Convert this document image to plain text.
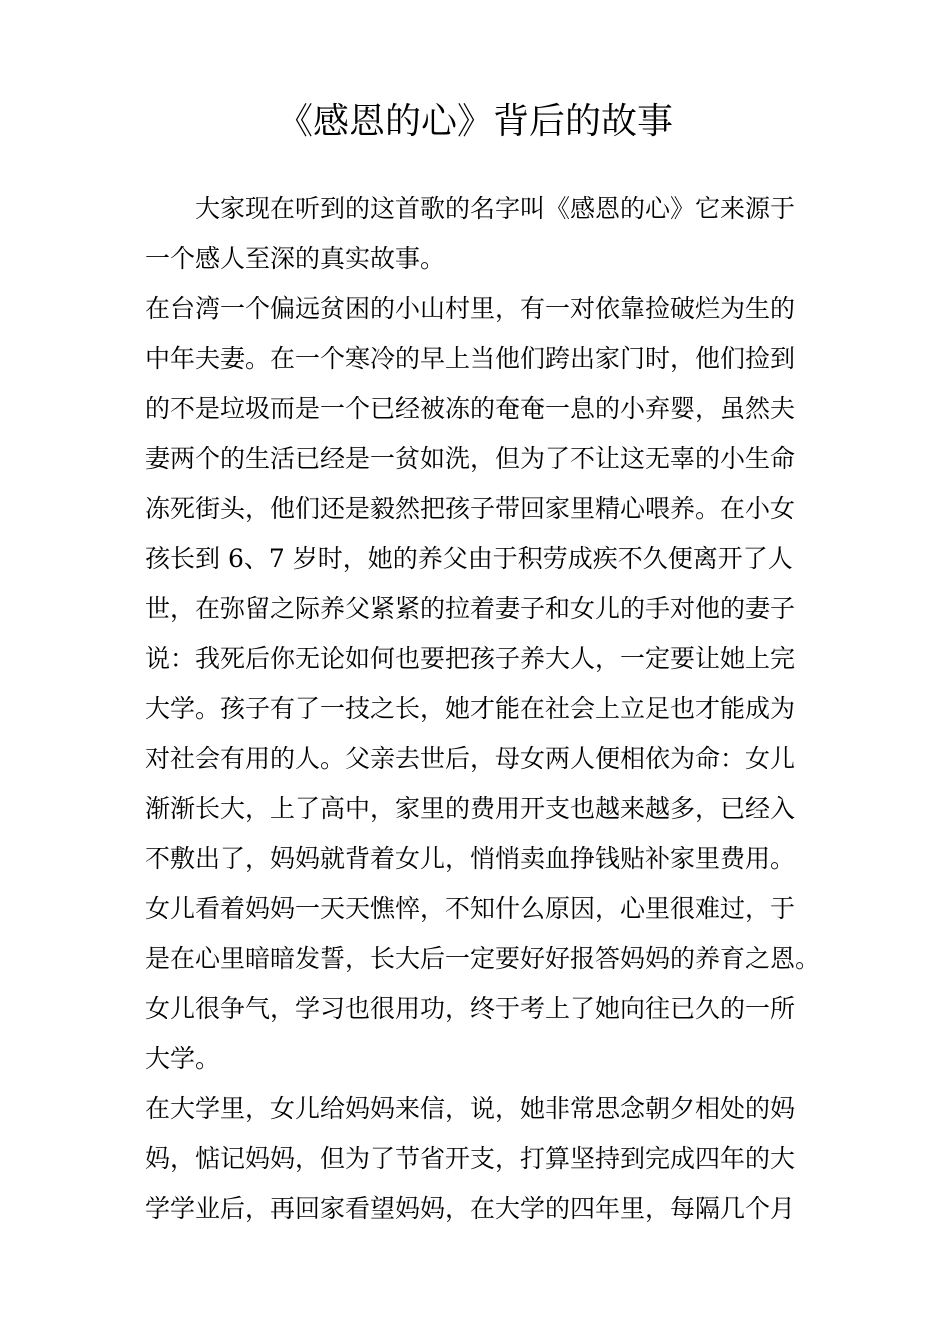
《感恩的心》背后的故事
大家现在听到的这首歌的名字叫《感恩的心》它来源于
一个感人至深的真实故事。
在台湾一个偏远贫困的小山村里，有一对依靠捡破烂为生的
中年夫妻。在一个寒冷的早上当他们跨出家门时，他们捡到
的不是垃圾而是一个已经被冻的奄奄一息的小弃婴，虽然夫
妻两个的生活已经是一贫如洗，但为了不让这无辜的小生命
冻死街头，他们还是毅然把孩子带回家里精心喂养。在小女
孩长到 6、7 岁时，她的养父由于积劳成疾不久便离开了人
世，在弥留之际养父紧紧的拉着妻子和女儿的手对他的妻子
说：我死后你无论如何也要把孩子养大人，一定要让她上完
大学。孩子有了一技之长，她才能在社会上立足也才能成为
对社会有用的人。父亲去世后，母女两人便相依为命：女儿
渐渐长大，上了高中，家里的费用开支也越来越多，已经入
不敷出了，妈妈就背着女儿，悄悄卖血挣钱贴补家里费用。
女儿看着妈妈一天天憔悴，不知什么原因，心里很难过，于
是在心里暗暗发誓，长大后一定要好好报答妈妈的养育之恩。
女儿很争气，学习也很用功，终于考上了她向往已久的一所
大学。
在大学里，女儿给妈妈来信，说，她非常思念朝夕相处的妈
妈，惦记妈妈，但为了节省开支，打算坚持到完成四年的大
学学业后，再回家看望妈妈，在大学的四年里，每隔几个月
